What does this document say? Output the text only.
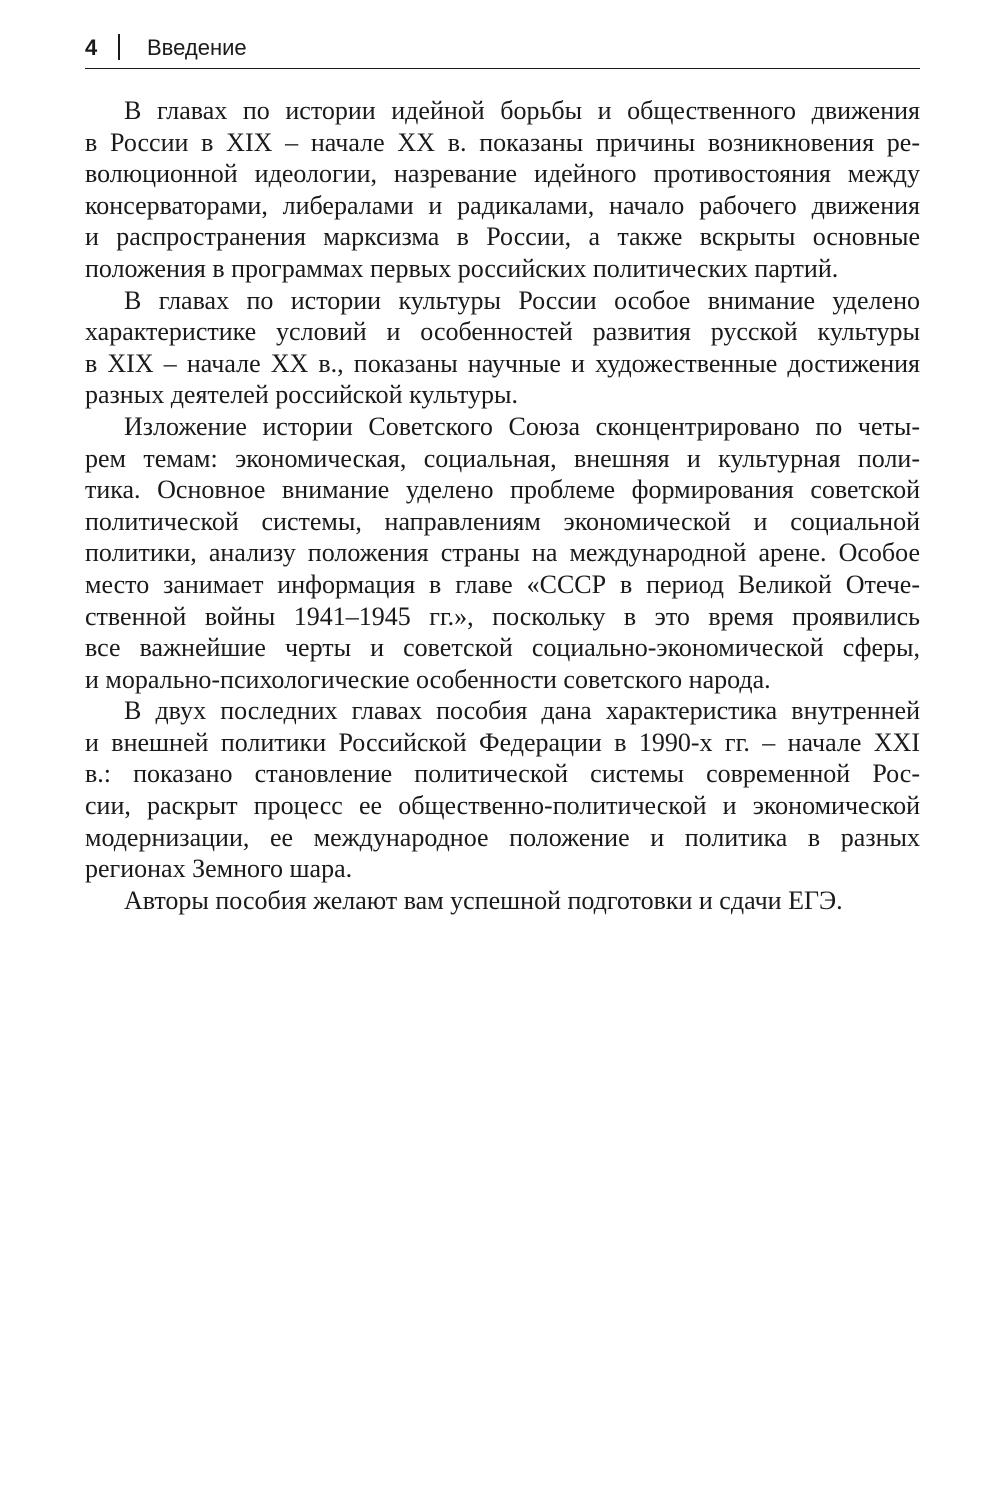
4 Введение
В главах по истории идейной борьбы и общественного движения
в России в XIX – начале XX в. показаны причины возникновения ре-
волюционной идеологии, назревание идейного противостояния между
консерваторами, либералами и радикалами, начало рабочего движения
и распространения марксизма в России, а также вскрыты основные
положения в программах первых российских политических партий.
В главах по истории культуры России особое внимание уделено
характеристике условий и особенностей развития русской культуры
в XIX – начале XX в., показаны научные и художественные достижения
разных деятелей российской культуры.
Изложение истории Советского Союза сконцентрировано по четы-
рем темам: экономическая, социальная, внешняя и культурная поли-
тика. Основное внимание уделено проблеме формирования советской
политической системы, направлениям экономической и социальной
политики, анализу положения страны на международной арене. Особое
место занимает информация в главе «СССР в период Великой Отече-
ственной войны 1941–1945 гг.», поскольку в это время проявились
все важнейшие черты и советской социально-экономической сферы,
и морально-психологические особенности советского народа.
В двух последних главах пособия дана характеристика внутренней
и внешней политики Российской Федерации в 1990-х гг. – начале XXI
в.: показано становление политической системы современной Рос-
сии, раскрыт процесс ее общественно-политической и экономической
модернизации, ее международное положение и политика в разных
регионах Земного шара.
Авторы пособия желают вам успешной подготовки и сдачи ЕГЭ.
